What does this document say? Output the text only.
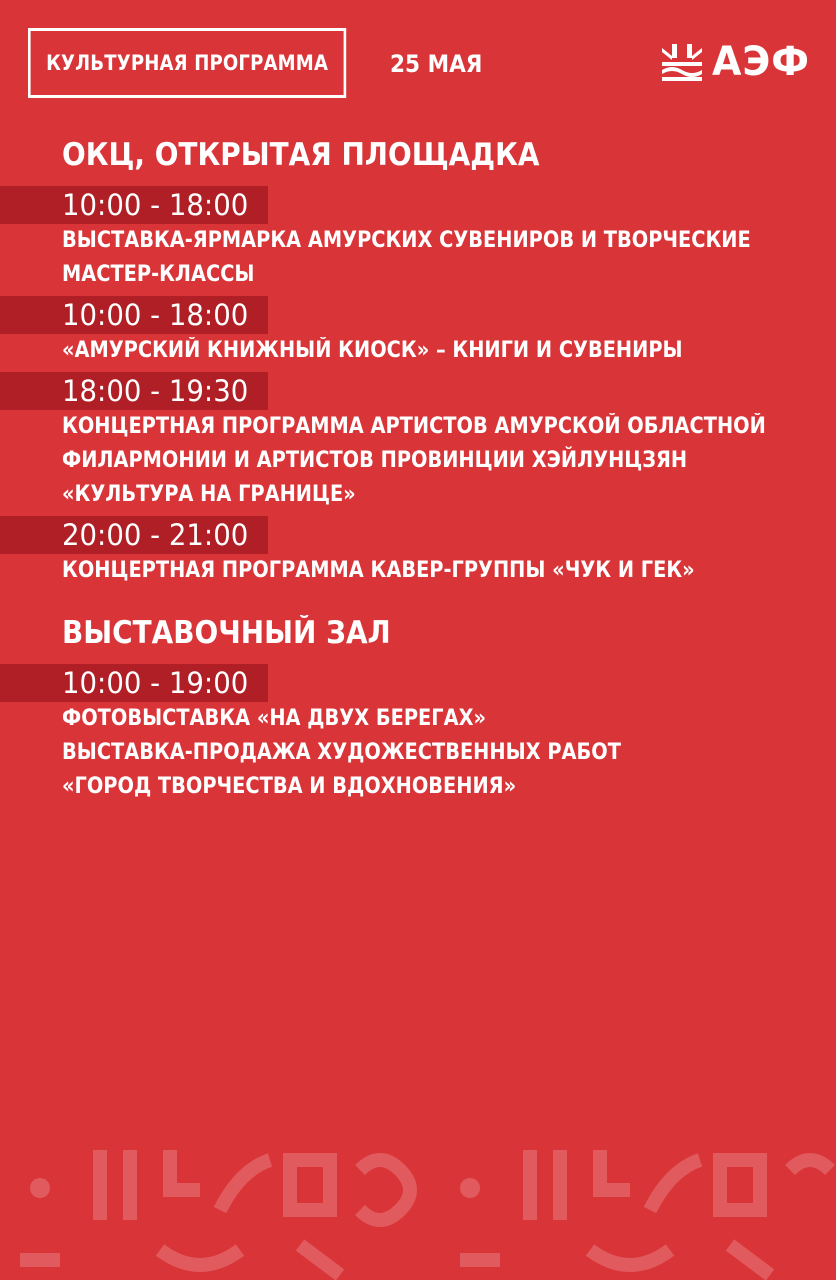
КУЛЬТУРНАЯ ПРОГРАММА	25 МАЯ	АЭФ
ОКЦ, ОТКРЫТАЯ ПЛОЩАДКА
10:00 - 18:00
ВЫСТАВКА-ЯРМАРКА АМУРСКИХ СУВЕНИРОВ И ТВОРЧЕСКИЕ
МАСТЕР-КЛАССЫ
10:00 - 18:00
«АМУРСКИЙ КНИЖНЫЙ КИОСК» – КНИГИ И СУВЕНИРЫ
18:00 - 19:30
КОНЦЕРТНАЯ ПРОГРАММА АРТИСТОВ АМУРСКОЙ ОБЛАСТНОЙ
ФИЛАРМОНИИ И АРТИСТОВ ПРОВИНЦИИ ХЭЙЛУНЦЗЯН
«КУЛЬТУРА НА ГРАНИЦЕ»
20:00 - 21:00
КОНЦЕРТНАЯ ПРОГРАММА КАВЕР-ГРУППЫ «ЧУК И ГЕК»
ВЫСТАВОЧНЫЙ ЗАЛ
10:00 - 19:00
ФОТОВЫСТАВКА «НА ДВУХ БЕРЕГАХ»
ВЫСТАВКА-ПРОДАЖА ХУДОЖЕСТВЕННЫХ РАБОТ
«ГОРОД ТВОРЧЕСТВА И ВДОХНОВЕНИЯ»
